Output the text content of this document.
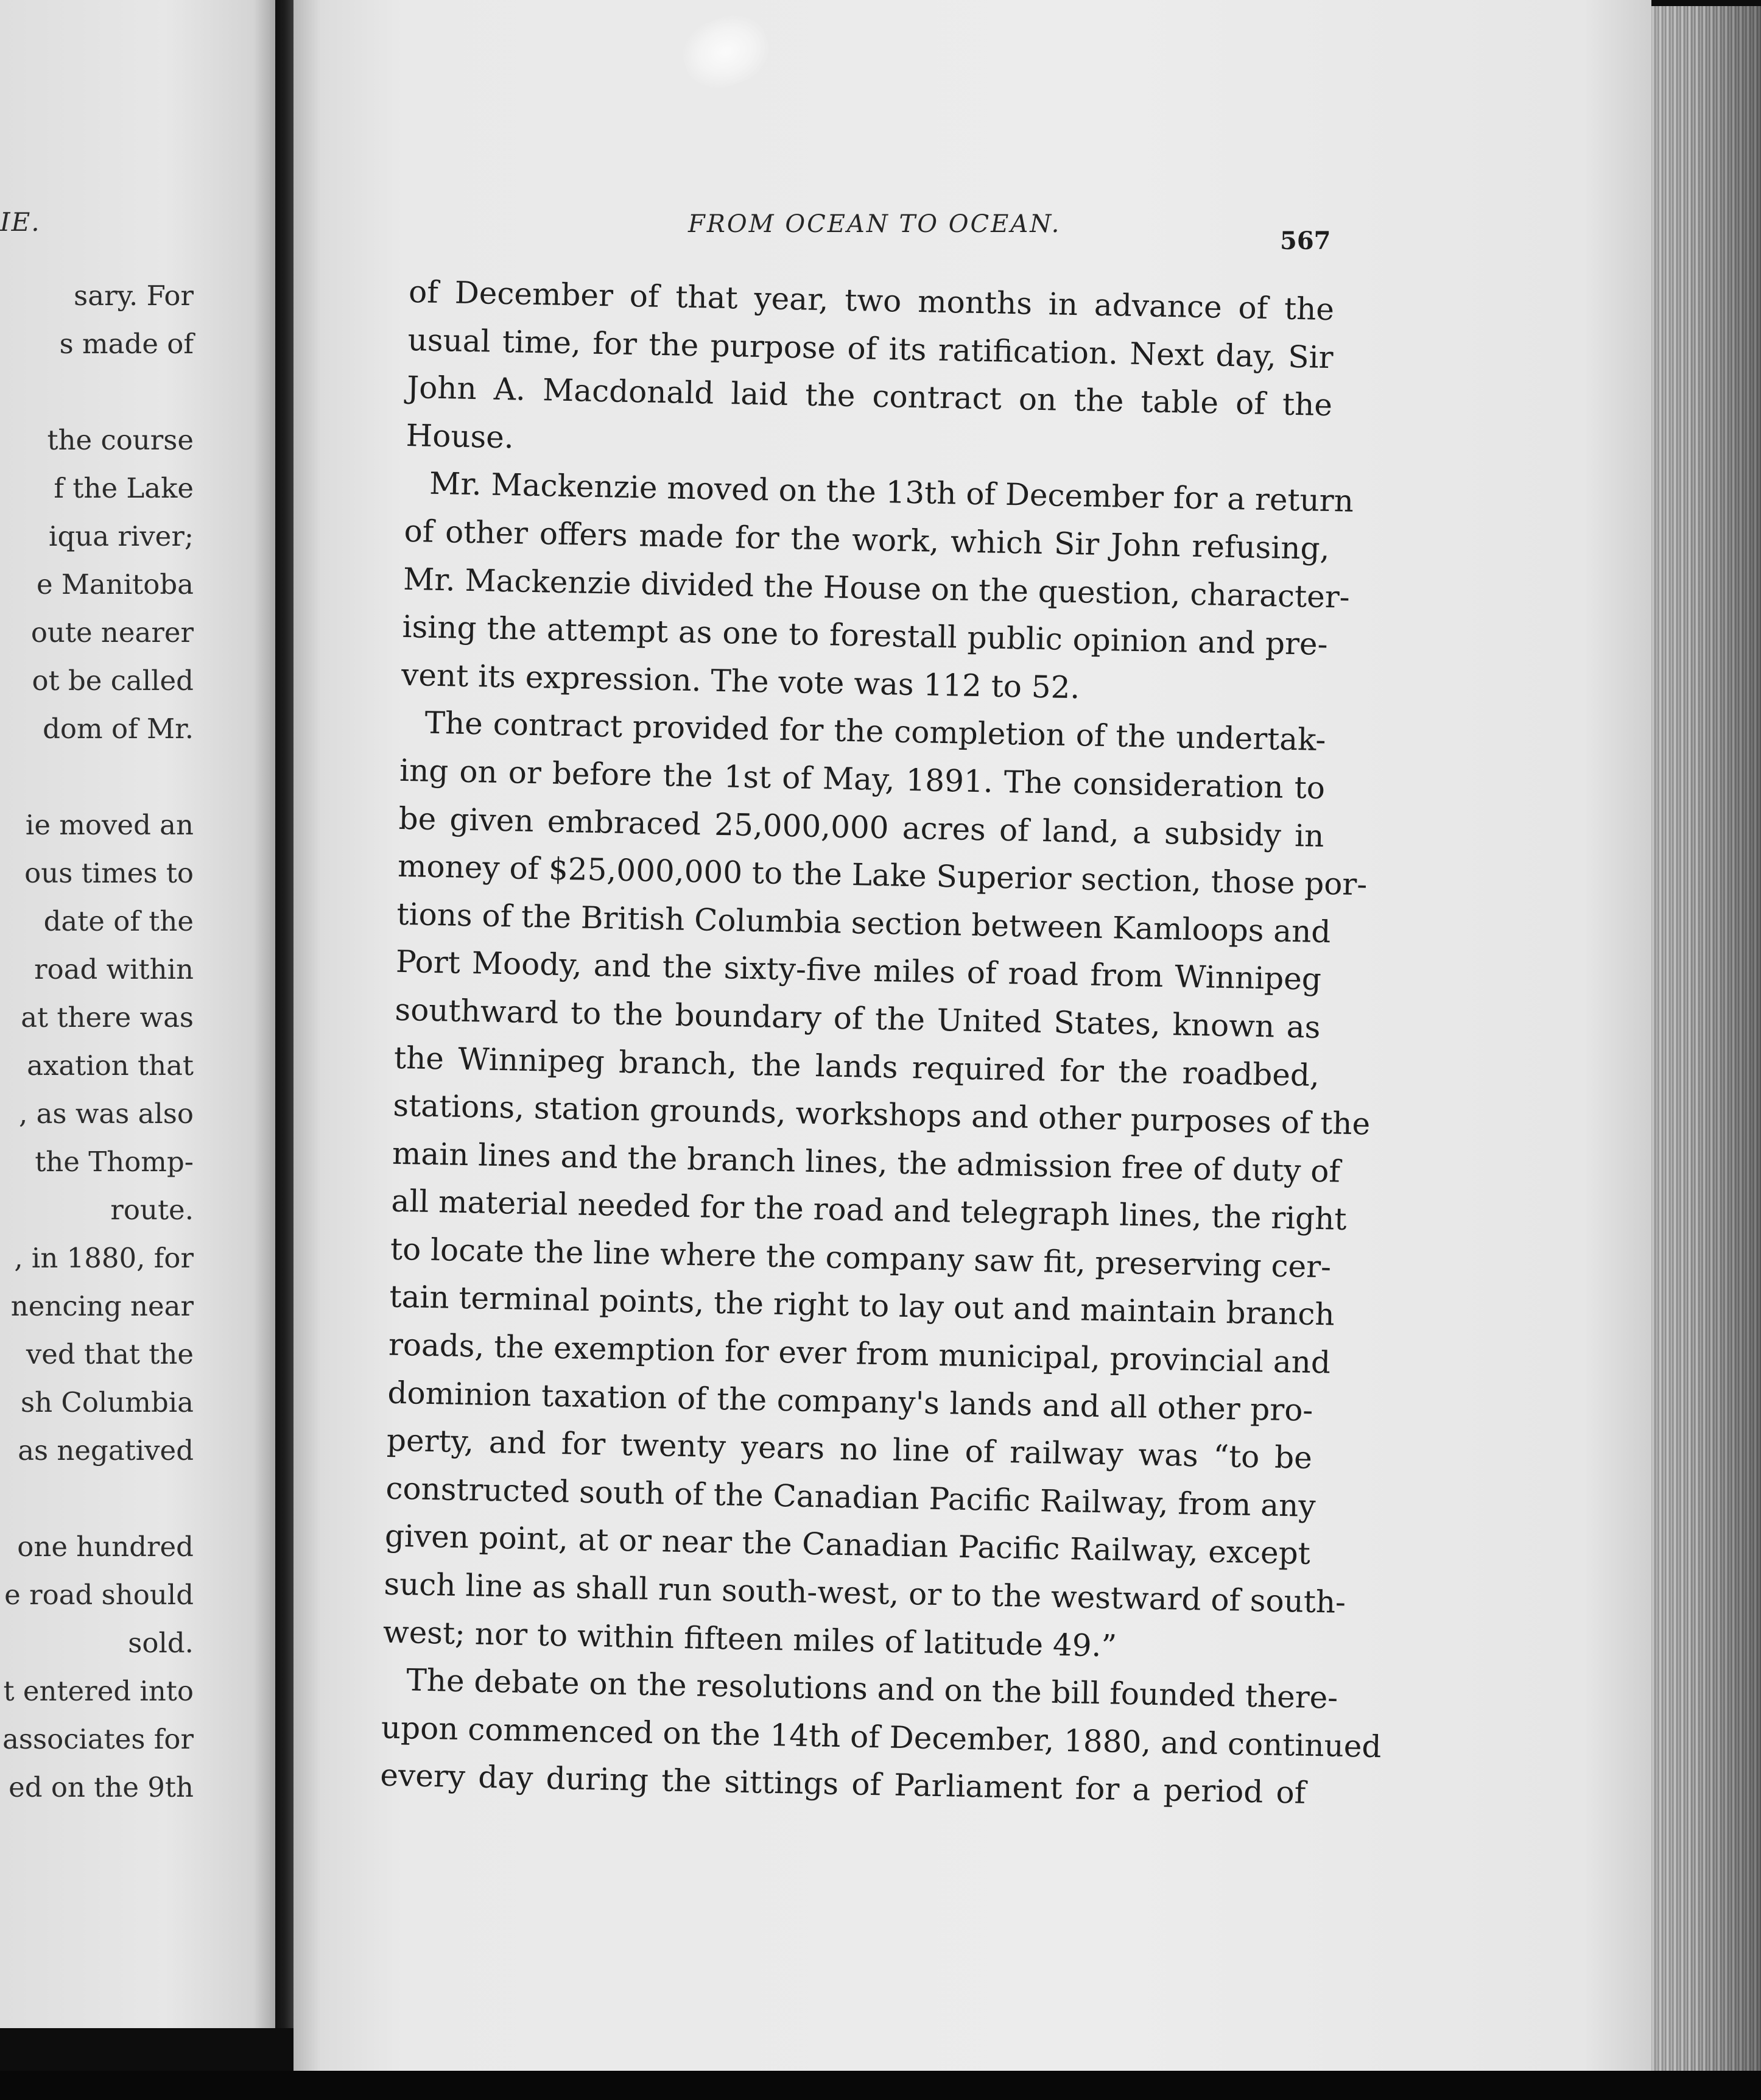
IE.
sary. For
s made of
the course
f the Lake
iqua river;
e Manitoba
oute nearer
ot be called
dom of Mr.
ie moved an
ous times to
date of the
road within
at there was
axation that
, as was also
the Thomp-
route.
, in 1880, for
nencing near
ved that the
sh Columbia
as negatived
one hundred
e road should
sold.
t entered into
associates for
ed on the 9th
FROM OCEAN TO OCEAN.
567
of December of that year, two months in advance of the
usual time, for the purpose of its ratification. Next day, Sir
John A. Macdonald laid the contract on the table of the
House.
Mr. Mackenzie moved on the 13th of December for a return
of other offers made for the work, which Sir John refusing,
Mr. Mackenzie divided the House on the question, character-
ising the attempt as one to forestall public opinion and pre-
vent its expression. The vote was 112 to 52.
The contract provided for the completion of the undertak-
ing on or before the 1st of May, 1891. The consideration to
be given embraced 25,000,000 acres of land, a subsidy in
money of $25,000,000 to the Lake Superior section, those por-
tions of the British Columbia section between Kamloops and
Port Moody, and the sixty-five miles of road from Winnipeg
southward to the boundary of the United States, known as
the Winnipeg branch, the lands required for the roadbed,
stations, station grounds, workshops and other purposes of the
main lines and the branch lines, the admission free of duty of
all material needed for the road and telegraph lines, the right
to locate the line where the company saw fit, preserving cer-
tain terminal points, the right to lay out and maintain branch
roads, the exemption for ever from municipal, provincial and
dominion taxation of the company's lands and all other pro-
perty, and for twenty years no line of railway was “to be
constructed south of the Canadian Pacific Railway, from any
given point, at or near the Canadian Pacific Railway, except
such line as shall run south-west, or to the westward of south-
west; nor to within fifteen miles of latitude 49.”
The debate on the resolutions and on the bill founded there-
upon commenced on the 14th of December, 1880, and continued
every day during the sittings of Parliament for a period of
